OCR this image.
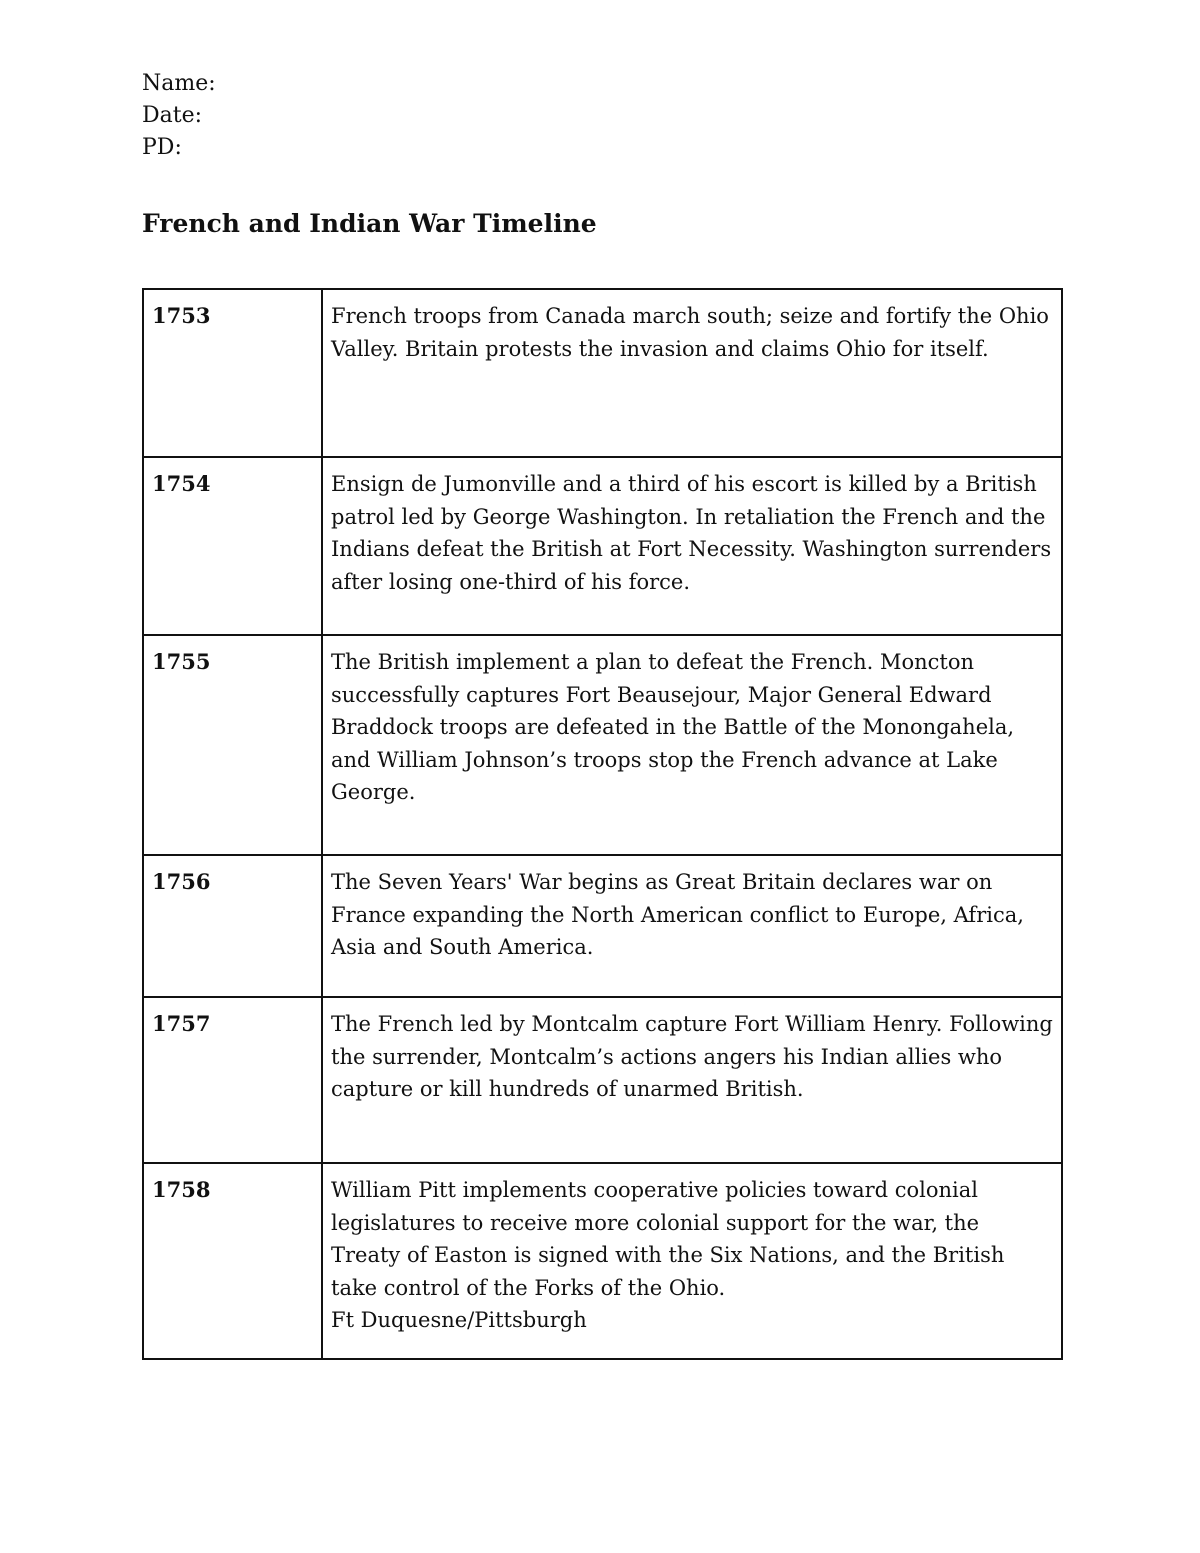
Name:
Date:
PD:
French and Indian War Timeline
1753	French troops from Canada march south; seize and fortify the Ohio Valley. Britain protests the invasion and claims Ohio for itself.
1754	Ensign de Jumonville and a third of his escort is killed by a British patrol led by George Washington. In retaliation the French and the Indians defeat the British at Fort Necessity. Washington surrenders after losing one-third of his force.
1755	The British implement a plan to defeat the French. Moncton successfully captures Fort Beausejour, Major General Edward Braddock troops are defeated in the Battle of the Monongahela, and William Johnson’s troops stop the French advance at Lake George.
1756	The Seven Years' War begins as Great Britain declares war on France expanding the North American conflict to Europe, Africa, Asia and South America.
1757	The French led by Montcalm capture Fort William Henry. Following the surrender, Montcalm’s actions angers his Indian allies who capture or kill hundreds of unarmed British.
1758	William Pitt implements cooperative policies toward colonial legislatures to receive more colonial support for the war, the Treaty of Easton is signed with the Six Nations, and the British take control of the Forks of the Ohio.
Ft Duquesne/Pittsburgh
